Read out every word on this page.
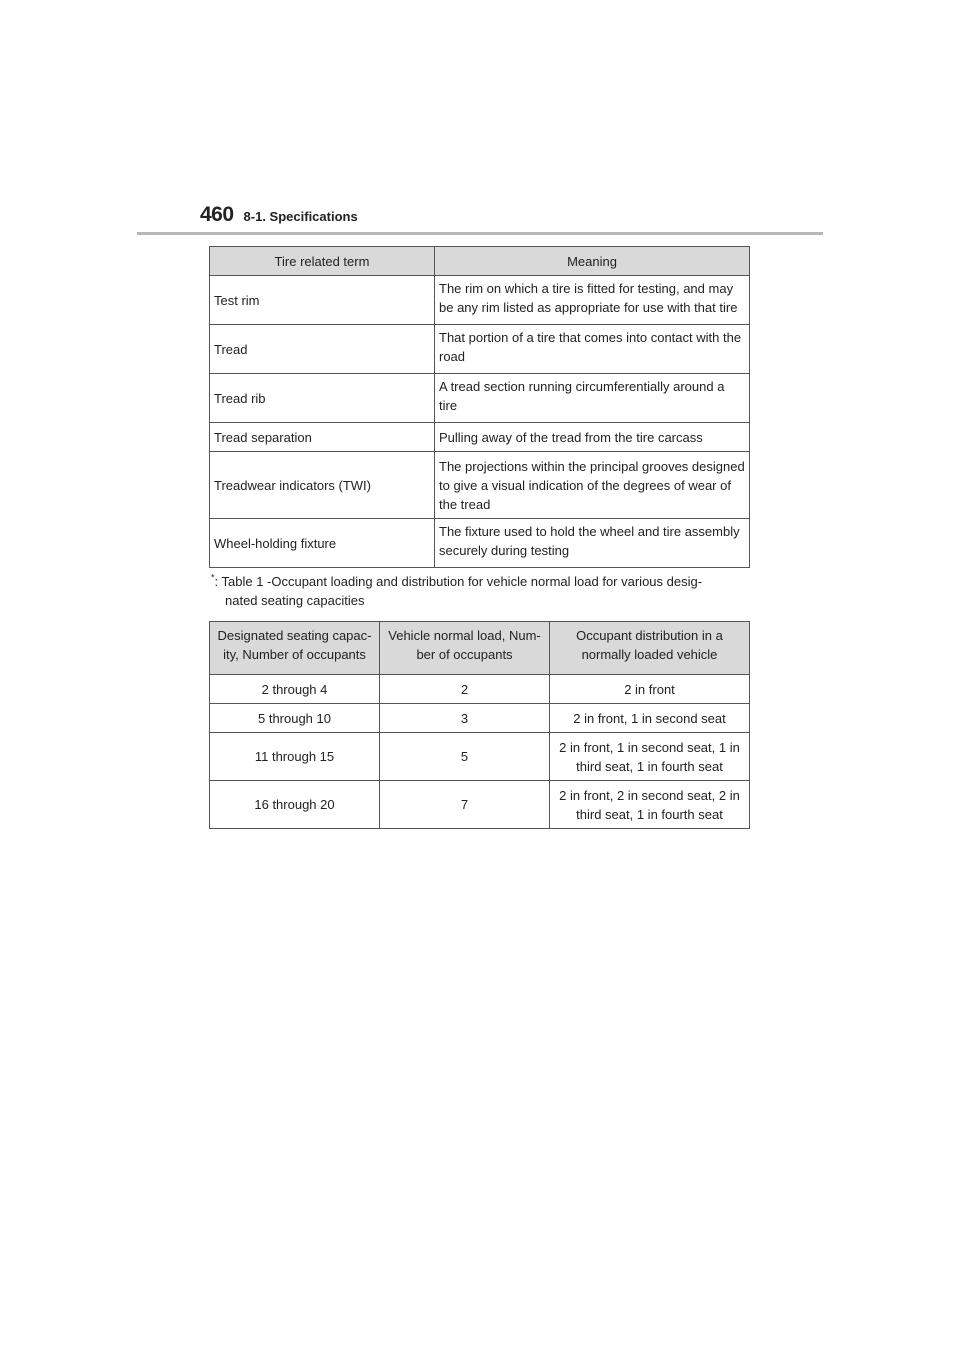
460 8-1. Specifications
Tire related term	Meaning
Test rim	The rim on which a tire is fitted for testing, and may be any rim listed as appropriate for use with that tire
Tread	That portion of a tire that comes into contact with the road
Tread rib	A tread section running circumferentially around a tire
Tread separation	Pulling away of the tread from the tire carcass
Treadwear indicators (TWI)	The projections within the principal grooves designed to give a visual indication of the degrees of wear of the tread
Wheel-holding fixture	The fixture used to hold the wheel and tire assembly securely during testing
*: Table 1 -Occupant loading and distribution for vehicle normal load for various desig-
nated seating capacities
Designated seating capac-ity, Number of occupants	Vehicle normal load, Num-ber of occupants	Occupant distribution in a normally loaded vehicle
2 through 4	2	2 in front
5 through 10	3	2 in front, 1 in second seat
11 through 15	5	2 in front, 1 in second seat, 1 in third seat, 1 in fourth seat
16 through 20	7	2 in front, 2 in second seat, 2 in third seat, 1 in fourth seat
